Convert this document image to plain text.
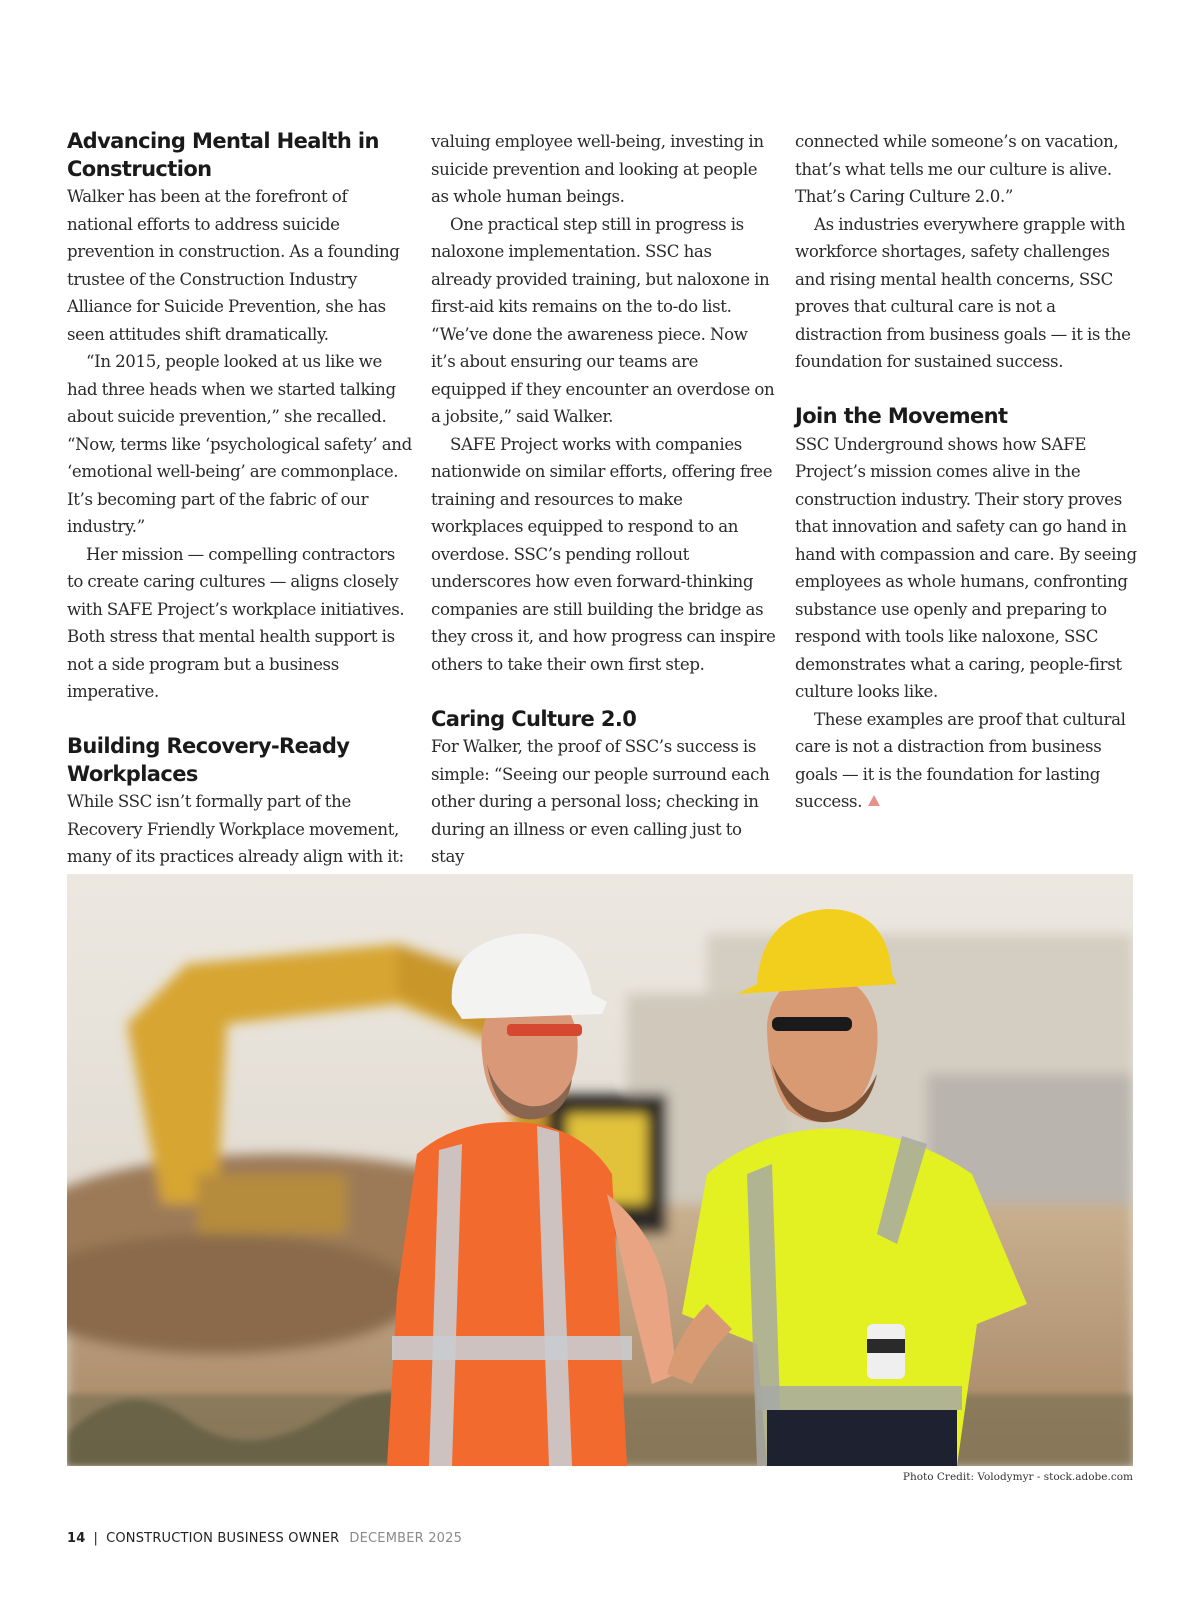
Advancing Mental Health in Construction

Walker has been at the forefront of national efforts to address suicide prevention in construction. As a founding trustee of the Construction Industry Alliance for Suicide Prevention, she has seen attitudes shift dramatically.

“In 2015, people looked at us like we had three heads when we started talking about suicide prevention,” she recalled. “Now, terms like ‘psychological safety’ and ‘emotional well-being’ are commonplace. It’s becoming part of the fabric of our industry.”

Her mission — compelling contractors to create caring cultures — aligns closely with SAFE Project’s workplace initiatives. Both stress that mental health support is not a side program but a business imperative.

Building Recovery-Ready Workplaces

While SSC isn’t formally part of the Recovery Friendly Workplace movement, many of its practices already align with it:

valuing employee well-being, investing in suicide prevention and looking at people as whole human beings.

One practical step still in progress is naloxone implementation. SSC has already provided training, but naloxone in first-aid kits remains on the to-do list. “We’ve done the awareness piece. Now it’s about ensuring our teams are equipped if they encounter an overdose on a jobsite,” said Walker.

SAFE Project works with companies nationwide on similar efforts, offering free training and resources to make workplaces equipped to respond to an overdose. SSC’s pending rollout underscores how even forward-thinking companies are still building the bridge as they cross it, and how progress can inspire others to take their own first step.

Caring Culture 2.0

For Walker, the proof of SSC’s success is simple: “Seeing our people surround each other during a personal loss; checking in during an illness or even calling just to stay

connected while someone’s on vacation, that’s what tells me our culture is alive. That’s Caring Culture 2.0.”

As industries everywhere grapple with workforce shortages, safety challenges and rising mental health concerns, SSC proves that cultural care is not a distraction from business goals — it is the foundation for sustained success.

Join the Movement

SSC Underground shows how SAFE Project’s mission comes alive in the construction industry. Their story proves that innovation and safety can go hand in hand with compassion and care. By seeing employees as whole humans, confronting substance use openly and preparing to respond with tools like naloxone, SSC demonstrates what a caring, people-first culture looks like.

These examples are proof that cultural care is not a distraction from business goals — it is the foundation for lasting success.

Photo Credit: Volodymyr - stock.adobe.com
14 | CONSTRUCTION BUSINESS OWNER DECEMBER 2025
